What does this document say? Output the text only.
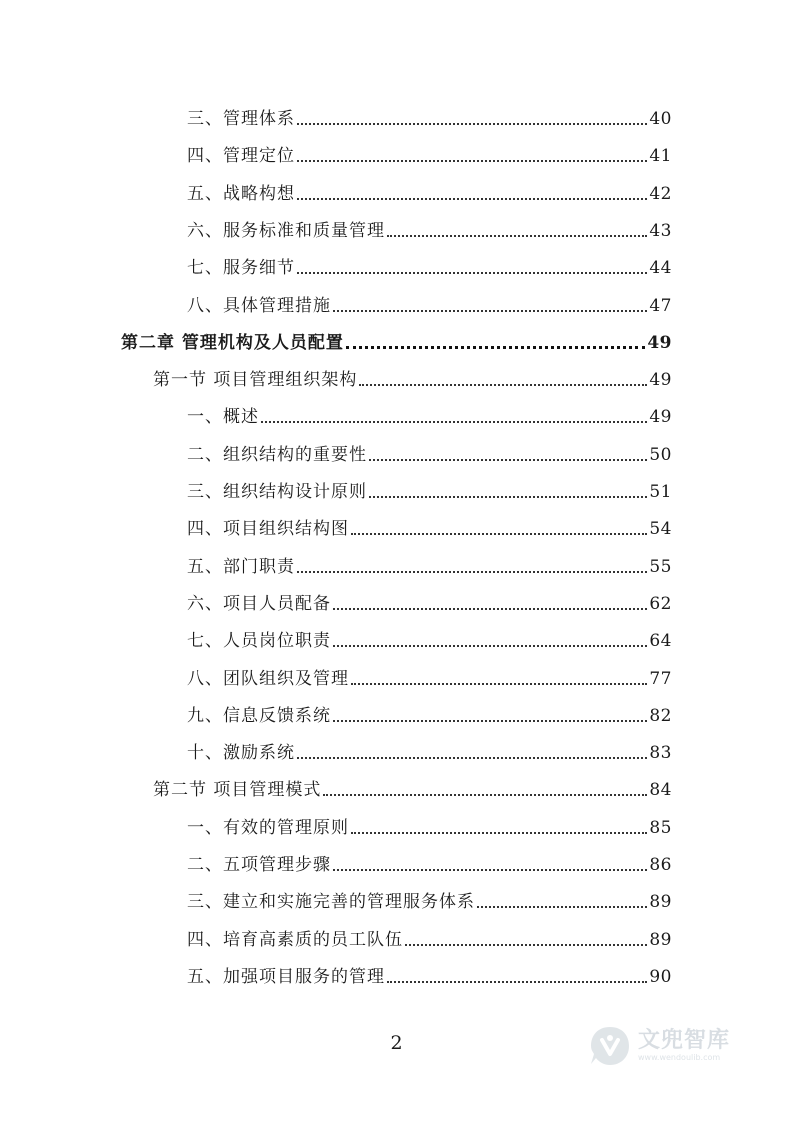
三、管理体系	40
四、管理定位	41
五、战略构想	42
六、服务标准和质量管理	43
七、服务细节	44
八、具体管理措施	47
第二章 管理机构及人员配置	49
第一节 项目管理组织架构	49
一、概述	49
二、组织结构的重要性	50
三、组织结构设计原则	51
四、项目组织结构图	54
五、部门职责	55
六、项目人员配备	62
七、人员岗位职责	64
八、团队组织及管理	77
九、信息反馈系统	82
十、激励系统	83
第二节 项目管理模式	84
一、有效的管理原则	85
二、五项管理步骤	86
三、建立和实施完善的管理服务体系	89
四、培育高素质的员工队伍	89
五、加强项目服务的管理	90
2	文兜智库
www.wendoulib.com
